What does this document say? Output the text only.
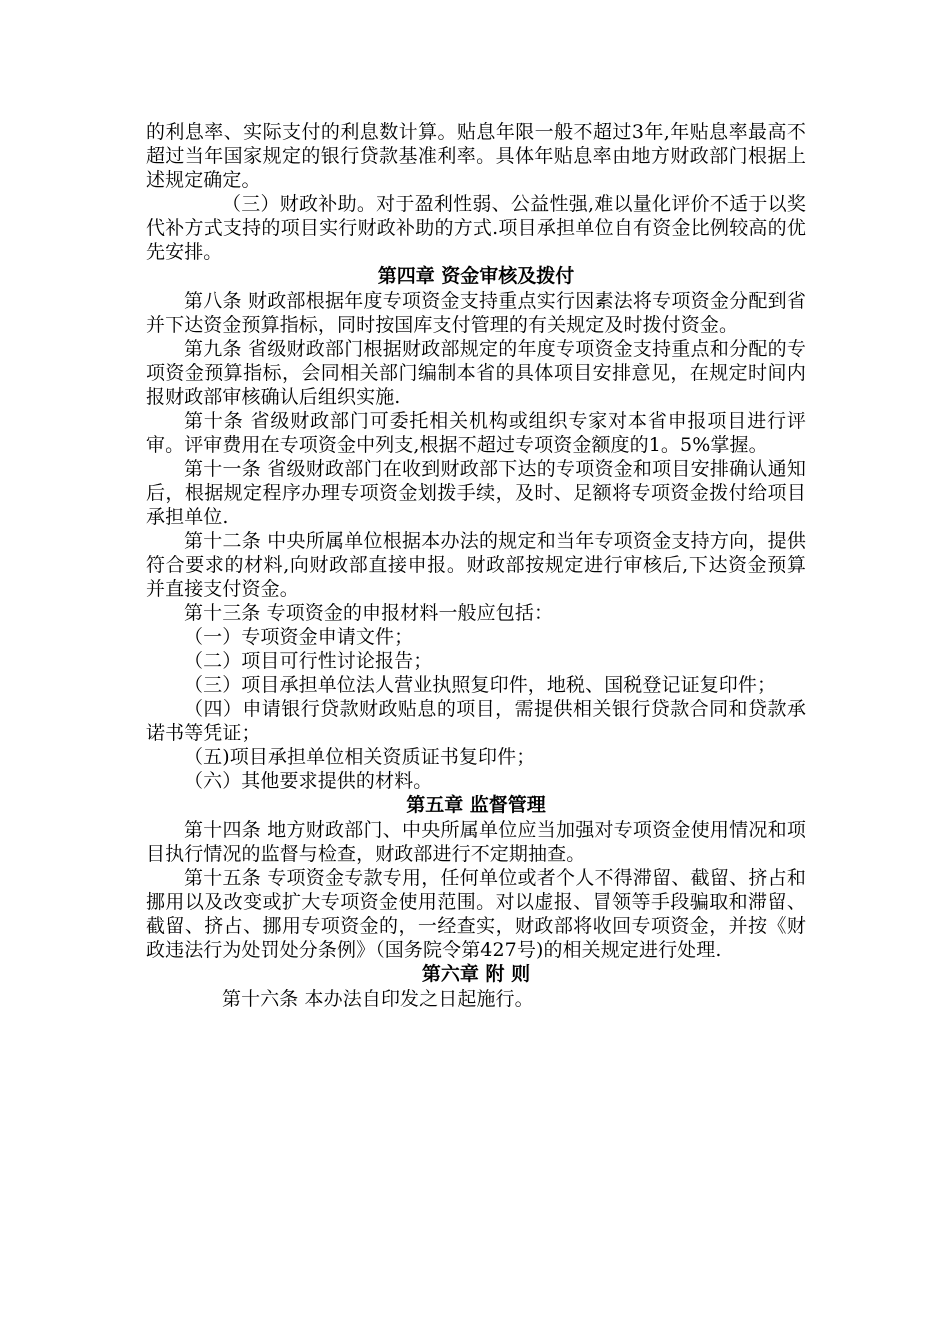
的利息率、实际支付的利息数计算。贴息年限一般不超过3年,年贴息率最高不超过当年国家规定的银行贷款基准利率。具体年贴息率由地方财政部门根据上述规定确定。

（三）财政补助。对于盈利性弱、公益性强,难以量化评价不适于以奖代补方式支持的项目实行财政补助的方式.项目承担单位自有资金比例较高的优先安排。

第四章 资金审核及拨付

第八条 财政部根据年度专项资金支持重点实行因素法将专项资金分配到省并下达资金预算指标，同时按国库支付管理的有关规定及时拨付资金。

第九条 省级财政部门根据财政部规定的年度专项资金支持重点和分配的专项资金预算指标，会同相关部门编制本省的具体项目安排意见，在规定时间内报财政部审核确认后组织实施.

第十条 省级财政部门可委托相关机构或组织专家对本省申报项目进行评审。评审费用在专项资金中列支,根据不超过专项资金额度的1。5%掌握。

第十一条 省级财政部门在收到财政部下达的专项资金和项目安排确认通知后，根据规定程序办理专项资金划拨手续，及时、足额将专项资金拨付给项目承担单位.

第十二条 中央所属单位根据本办法的规定和当年专项资金支持方向，提供符合要求的材料,向财政部直接申报。财政部按规定进行审核后,下达资金预算并直接支付资金。

第十三条 专项资金的申报材料一般应包括：

（一）专项资金申请文件；

（二）项目可行性讨论报告；

（三）项目承担单位法人营业执照复印件，地税、国税登记证复印件；

（四）申请银行贷款财政贴息的项目，需提供相关银行贷款合同和贷款承诺书等凭证；

（五)项目承担单位相关资质证书复印件；

（六）其他要求提供的材料。

第五章 监督管理

第十四条 地方财政部门、中央所属单位应当加强对专项资金使用情况和项目执行情况的监督与检查，财政部进行不定期抽查。

第十五条 专项资金专款专用，任何单位或者个人不得滞留、截留、挤占和挪用以及改变或扩大专项资金使用范围。对以虚报、冒领等手段骗取和滞留、截留、挤占、挪用专项资金的，一经查实，财政部将收回专项资金，并按《财政违法行为处罚处分条例》（国务院令第427号)的相关规定进行处理.

第六章 附 则

第十六条 本办法自印发之日起施行。
